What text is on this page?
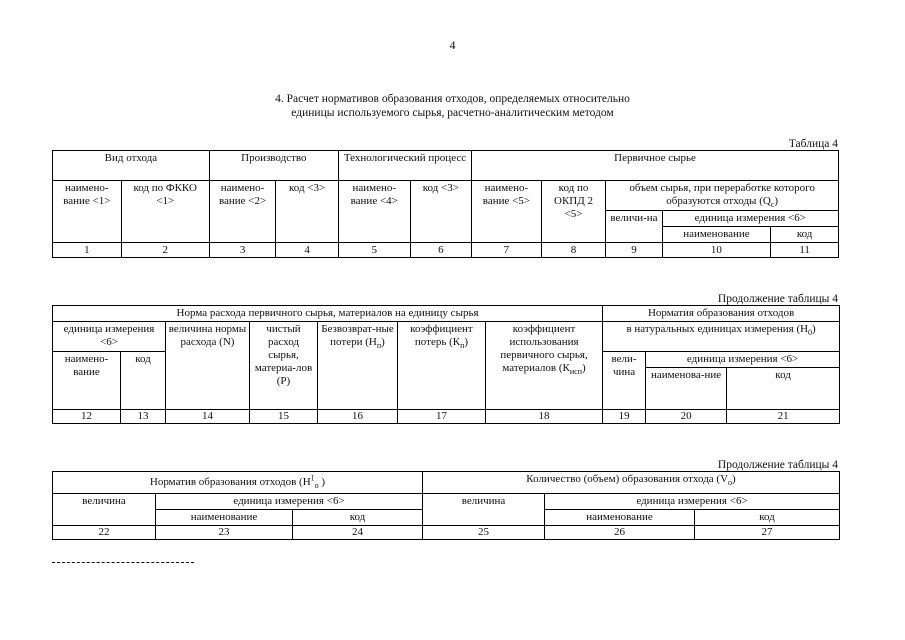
4
4. Расчет нормативов образования отходов, определяемых относительно
единицы используемого сырья, расчетно-аналитическим методом
Таблица 4
Вид отхода		Производство		Технологический процесс		Первичное сырье				
наимено-вание <1>	код по ФККО <1>	наимено-вание <2>	код <3>	наимено-вание <4>	код <3>	наимено-вание <5>	код по ОКПД 2 <5>	объем сырья, при переработке которого образуются отходы $(Q_c)$		
								величи-на	единица измерения <6>	
									наименование	код
1	2	3	4	5	6	7	8	9	10	11
Продолжение таблицы 4
Норма расхода первичного сырья, материалов на единицу сырья							Норматия образования отходов		
единица измерения <6>		величина нормы расхода (N)	чистый расход сырья, материа-лов (Р)	Безвозврат-ные потери $(Н_п)$	коэффициент потерь $(К_п)$	коэффициент использования первичного сырья, материалов $(К_{исп})$	в натуральных единицах измерения $(Н_0)$		
наимено-вание	код						вели-чина	единица измерения <6>	
								наименова-ние	код
12	13	14	15	16	17	18	19	20	21
Продолжение таблицы 4
Норматив образования отходов ($Н^1_о$ )			Количество (объем) образования отхода $(V_о)$		
величина	единица измерения <6>		величина	единица измерения <6>	
	наименование	код		наименование	код
22	23	24	25	26	27
